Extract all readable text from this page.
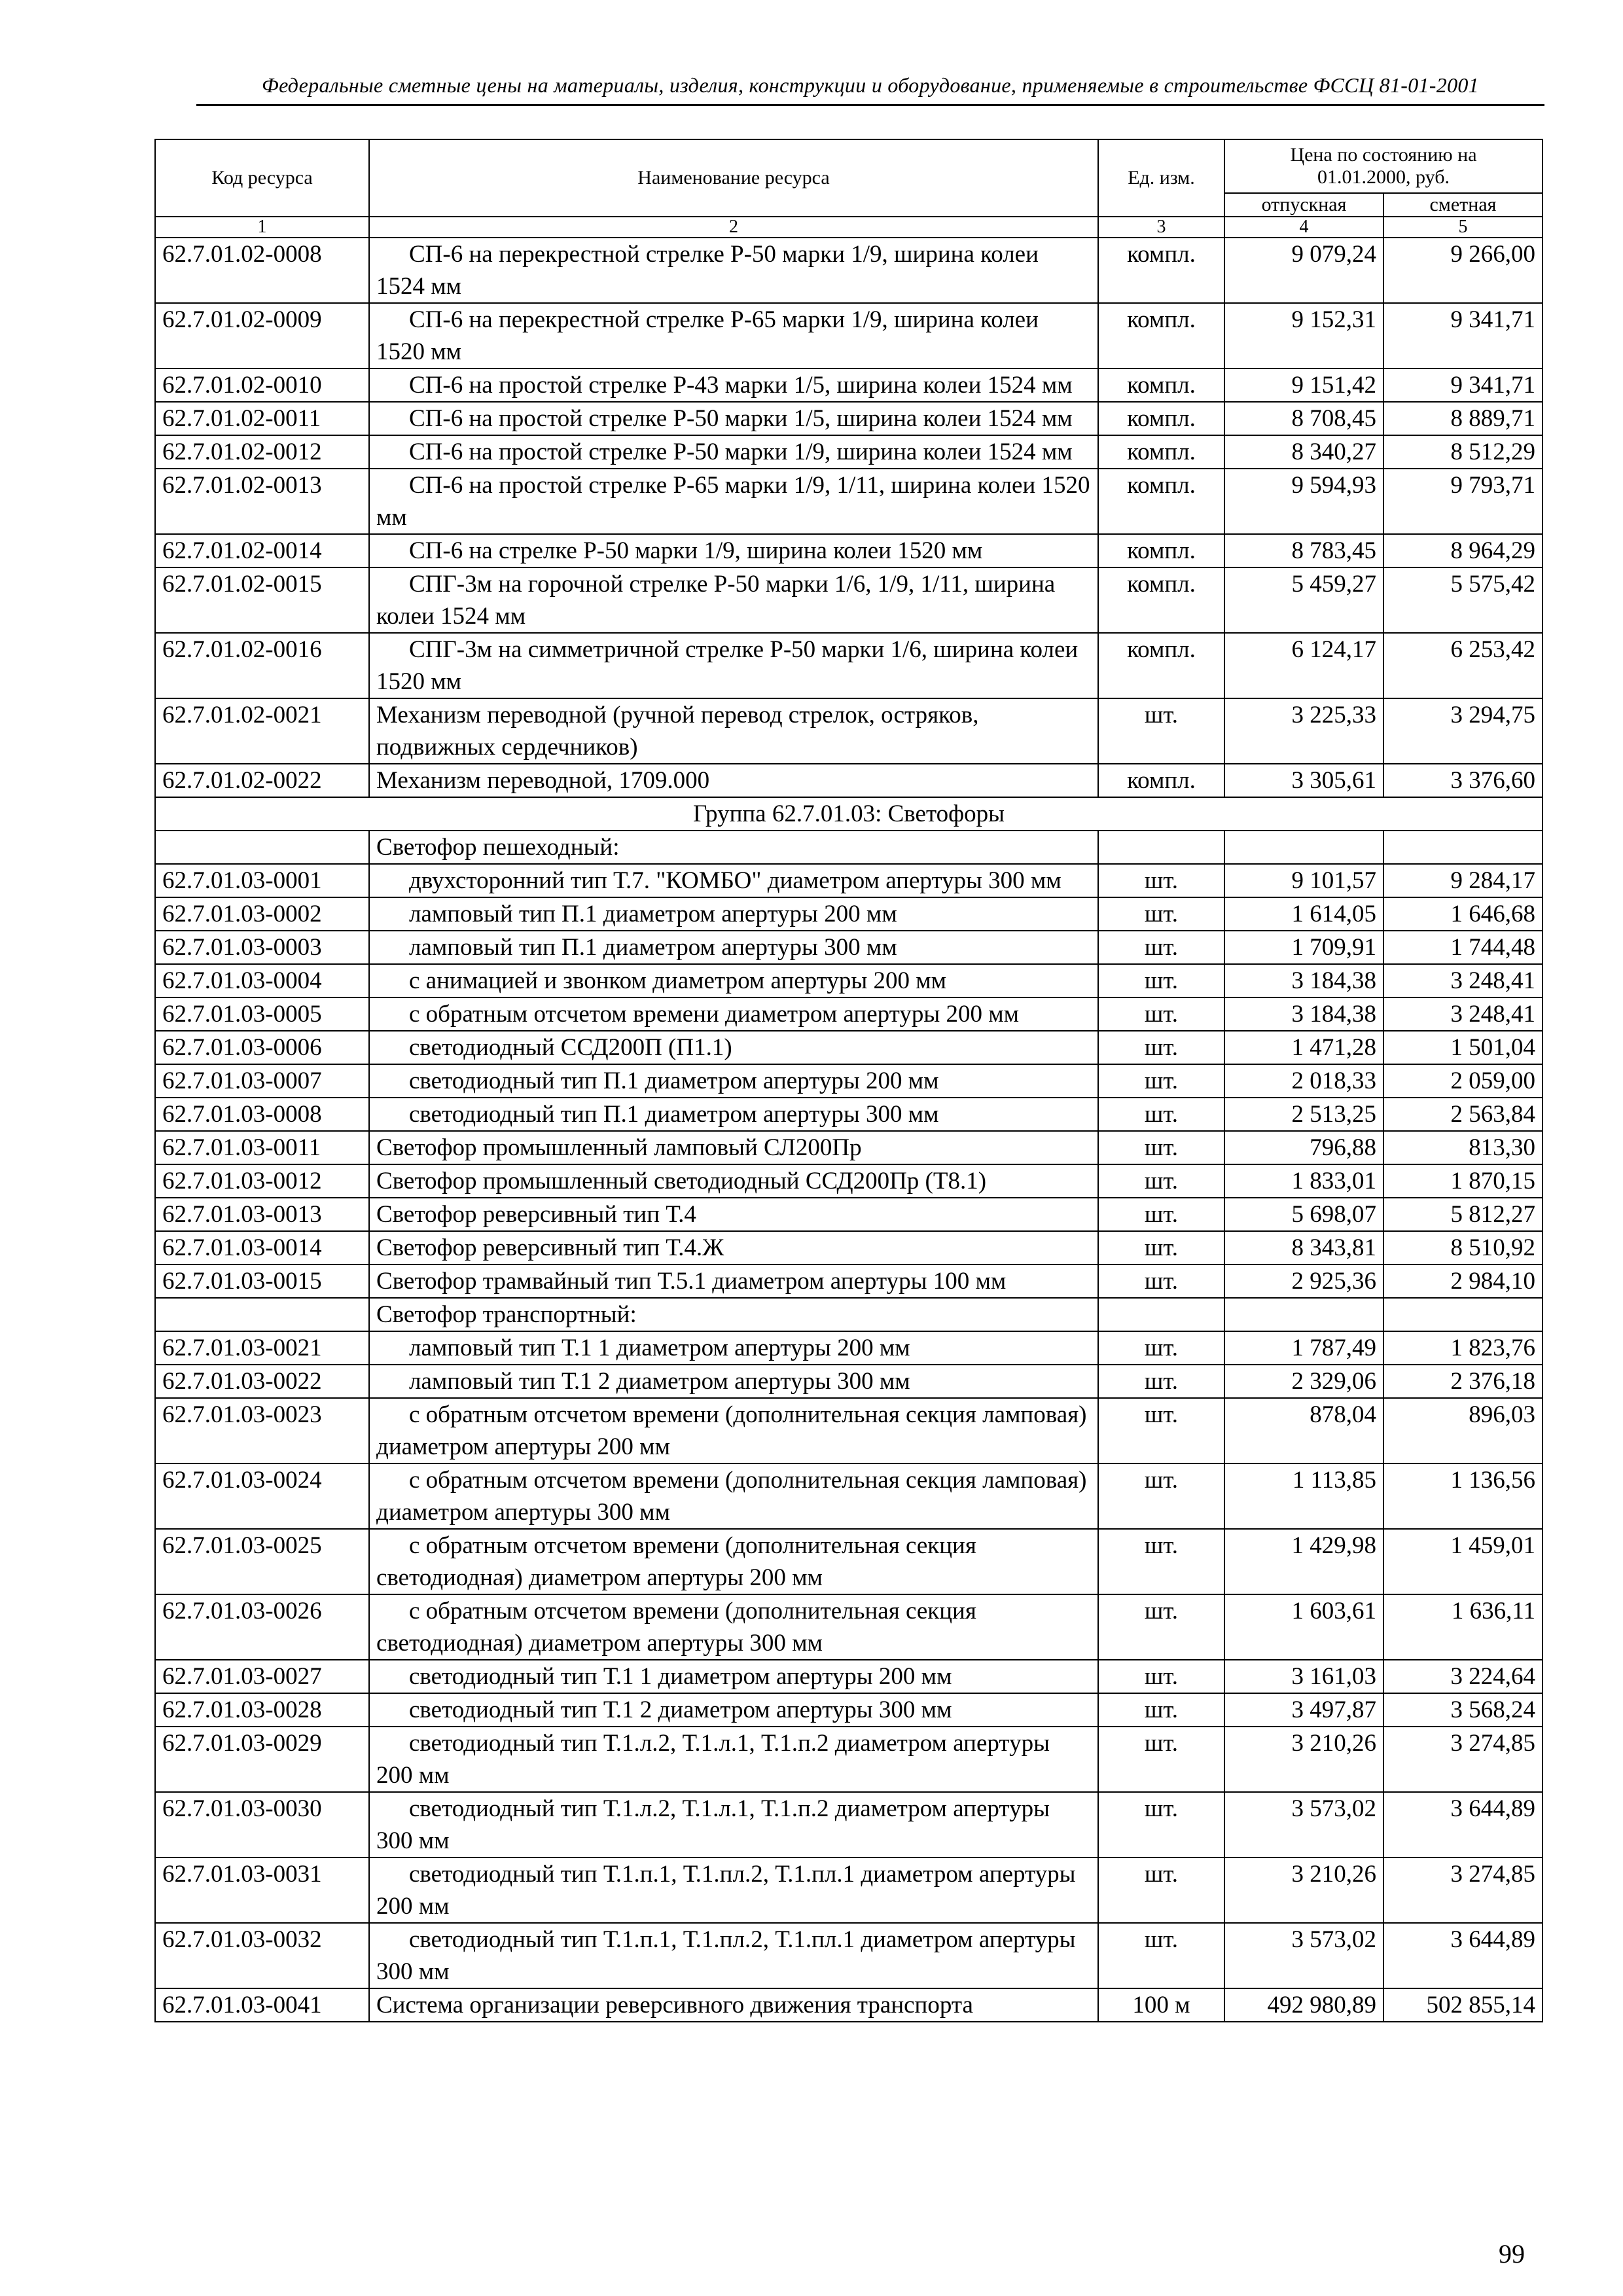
Федеральные сметные цены на материалы, изделия, конструкции и оборудование, применяемые в строительстве ФССЦ 81-01-2001
Код ресурса	Наименование ресурса	Ед. изм.	Цена по состоянию на 01.01.2000, руб.	
			отпускная	сметная
1	2	3	4	5
62.7.01.02-0008	СП-6 на перекрестной стрелке Р-50 марки 1/9, ширина колеи 1524 мм	компл.	9 079,24	9 266,00
62.7.01.02-0009	СП-6 на перекрестной стрелке Р-65 марки 1/9, ширина колеи 1520 мм	компл.	9 152,31	9 341,71
62.7.01.02-0010	СП-6 на простой стрелке Р-43 марки 1/5, ширина колеи 1524 мм	компл.	9 151,42	9 341,71
62.7.01.02-0011	СП-6 на простой стрелке Р-50 марки 1/5, ширина колеи 1524 мм	компл.	8 708,45	8 889,71
62.7.01.02-0012	СП-6 на простой стрелке Р-50 марки 1/9, ширина колеи 1524 мм	компл.	8 340,27	8 512,29
62.7.01.02-0013	СП-6 на простой стрелке Р-65 марки 1/9, 1/11, ширина колеи 1520 мм	компл.	9 594,93	9 793,71
62.7.01.02-0014	СП-6 на стрелке Р-50 марки 1/9, ширина колеи 1520 мм	компл.	8 783,45	8 964,29
62.7.01.02-0015	СПГ-3м на горочной стрелке Р-50 марки 1/6, 1/9, 1/11, ширина колеи 1524 мм	компл.	5 459,27	5 575,42
62.7.01.02-0016	СПГ-3м на симметричной стрелке Р-50 марки 1/6, ширина колеи 1520 мм	компл.	6 124,17	6 253,42
62.7.01.02-0021	Механизм переводной (ручной перевод стрелок, остряков, подвижных сердечников)	шт.	3 225,33	3 294,75
62.7.01.02-0022	Механизм переводной, 1709.000	компл.	3 305,61	3 376,60
Группа 62.7.01.03: Светофоры				
	Светофор пешеходный:			
62.7.01.03-0001	двухсторонний тип Т.7. "КОМБО" диаметром апертуры 300 мм	шт.	9 101,57	9 284,17
62.7.01.03-0002	ламповый тип П.1 диаметром апертуры 200 мм	шт.	1 614,05	1 646,68
62.7.01.03-0003	ламповый тип П.1 диаметром апертуры 300 мм	шт.	1 709,91	1 744,48
62.7.01.03-0004	с анимацией и звонком диаметром апертуры 200 мм	шт.	3 184,38	3 248,41
62.7.01.03-0005	с обратным отсчетом времени диаметром апертуры 200 мм	шт.	3 184,38	3 248,41
62.7.01.03-0006	светодиодный ССД200П (П1.1)	шт.	1 471,28	1 501,04
62.7.01.03-0007	светодиодный тип П.1 диаметром апертуры 200 мм	шт.	2 018,33	2 059,00
62.7.01.03-0008	светодиодный тип П.1 диаметром апертуры 300 мм	шт.	2 513,25	2 563,84
62.7.01.03-0011	Светофор промышленный ламповый СЛ200Пр	шт.	796,88	813,30
62.7.01.03-0012	Светофор промышленный светодиодный ССД200Пр (Т8.1)	шт.	1 833,01	1 870,15
62.7.01.03-0013	Светофор реверсивный тип Т.4	шт.	5 698,07	5 812,27
62.7.01.03-0014	Светофор реверсивный тип Т.4.Ж	шт.	8 343,81	8 510,92
62.7.01.03-0015	Светофор трамвайный тип Т.5.1 диаметром апертуры 100 мм	шт.	2 925,36	2 984,10
	Светофор транспортный:			
62.7.01.03-0021	ламповый тип Т.1 1 диаметром апертуры 200 мм	шт.	1 787,49	1 823,76
62.7.01.03-0022	ламповый тип Т.1 2 диаметром апертуры 300 мм	шт.	2 329,06	2 376,18
62.7.01.03-0023	с обратным отсчетом времени (дополнительная секция ламповая) диаметром апертуры 200 мм	шт.	878,04	896,03
62.7.01.03-0024	с обратным отсчетом времени (дополнительная секция ламповая) диаметром апертуры 300 мм	шт.	1 113,85	1 136,56
62.7.01.03-0025	с обратным отсчетом времени (дополнительная секция светодиодная) диаметром апертуры 200 мм	шт.	1 429,98	1 459,01
62.7.01.03-0026	с обратным отсчетом времени (дополнительная секция светодиодная) диаметром апертуры 300 мм	шт.	1 603,61	1 636,11
62.7.01.03-0027	светодиодный тип Т.1 1 диаметром апертуры 200 мм	шт.	3 161,03	3 224,64
62.7.01.03-0028	светодиодный тип Т.1 2 диаметром апертуры 300 мм	шт.	3 497,87	3 568,24
62.7.01.03-0029	светодиодный тип Т.1.л.2, Т.1.л.1, Т.1.п.2 диаметром апертуры 200 мм	шт.	3 210,26	3 274,85
62.7.01.03-0030	светодиодный тип Т.1.л.2, Т.1.л.1, Т.1.п.2 диаметром апертуры 300 мм	шт.	3 573,02	3 644,89
62.7.01.03-0031	светодиодный тип Т.1.п.1, Т.1.пл.2, Т.1.пл.1 диаметром апертуры 200 мм	шт.	3 210,26	3 274,85
62.7.01.03-0032	светодиодный тип Т.1.п.1, Т.1.пл.2, Т.1.пл.1 диаметром апертуры 300 мм	шт.	3 573,02	3 644,89
62.7.01.03-0041	Система организации реверсивного движения транспорта	100 м	492 980,89	502 855,14
99
